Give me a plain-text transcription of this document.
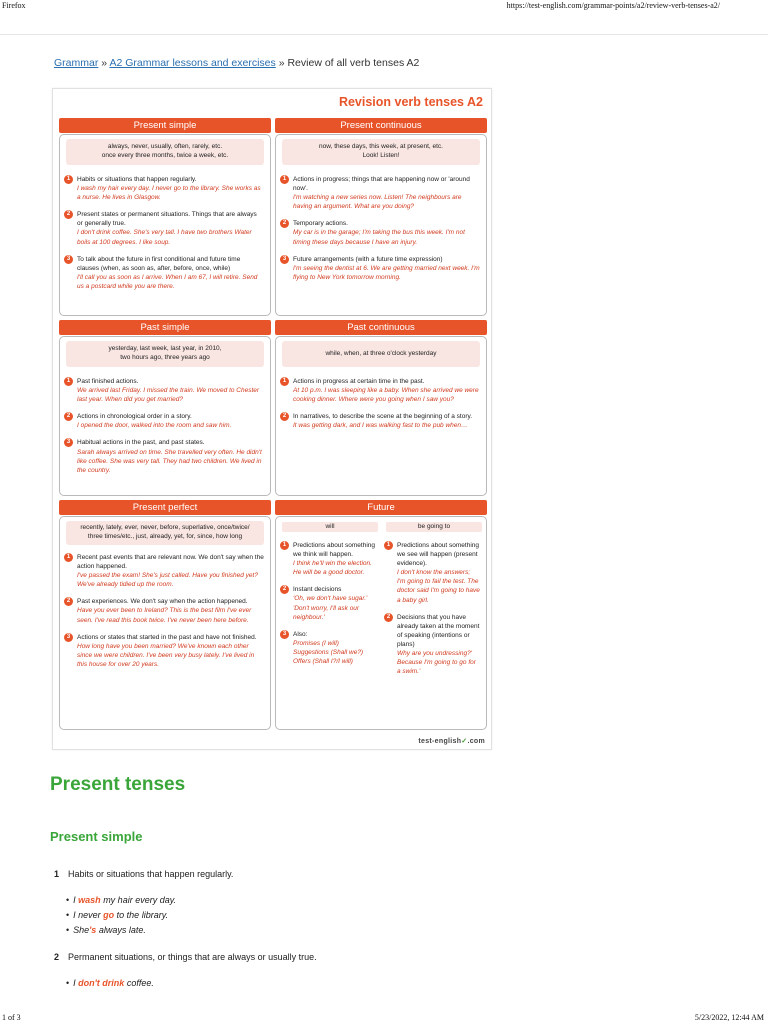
Firefox	https://test-english.com/grammar-points/a2/review-verb-tenses-a2/
Grammar » A2 Grammar lessons and exercises » Review of all verb tenses A2
Revision verb tenses A2
Present simple
always, never, usually, often, rarely, etc.
once every three months, twice a week, etc.
1	Habits or situations that happen regularly.
I wash my hair every day. I never go to the library. She works as a nurse. He lives in Glasgow.
2	Present states or permanent situations. Things that are always or generally true.
I don't drink coffee. She's very tall. I have two brothers Water boils at 100 degrees. I like soup.
3	To talk about the future in first conditional and future time clauses (when, as soon as, after, before, once, while)
I'll call you as soon as I arrive. When I am 67, I will retire. Send us a postcard while you are there.
Present continuous
now, these days, this week, at present, etc.
Look! Listen!
1	Actions in progress; things that are happening now or 'around now'.
I'm watching a new series now. Listen! The neighbours are having an argument. What are you doing?
2	Temporary actions.
My car is in the garage; I'm taking the bus this week. I'm not timing these days because I have an injury.
3	Future arrangements (with a future time expression)
I'm seeing the dentist at 6. We are getting married next week. I'm flying to New York tomorrow morning.
Past simple
yesterday, last week, last year, in 2010,
two hours ago, three years ago
1	Past finished actions.
We arrived last Friday. I missed the train. We moved to Chester last year. When did you get married?
2	Actions in chronological order in a story.
I opened the door, walked into the room and saw him.
3	Habitual actions in the past, and past states.
Sarah always arrived on time. She travelled very often. He didn't like coffee. She was very tall. They had two children. We lived in the country.
Past continuous
while, when, at three o'clock yesterday
1	Actions in progress at certain time in the past.
At 10 p.m. I was sleeping like a baby. When she arrived we were cooking dinner. Where were you going when I saw you?
2	In narratives, to describe the scene at the beginning of a story.
It was getting dark, and I was walking fast to the pub when…
Present perfect
recently, lately, ever, never, before, superlative, once/twice/
three times/etc., just, already, yet, for, since, how long
1	Recent past events that are relevant now. We don't say when the action happened.
I've passed the exam! She's just called. Have you finished yet? We've already tidied up the room.
2	Past experiences. We don't say when the action happened.
Have you ever been to Ireland? This is the best film I've ever seen. I've read this book twice. I've never been here before.
3	Actions or states that started in the past and have not finished.
How long have you been married? We've known each other since we were children. I've been very busy lately. I've lived in this house for over 20 years.
Future
will	be going to
1	Predictions about something we think will happen.
I think he'll win the election. He will be a good doctor.
2	Instant decisions
'Oh, we don't have sugar.' 'Don't worry, I'll ask our neighbour.'
3	Also:
Promises (I will)
Suggestions (Shall we?)
Offers (Shall I?/I will)
1	Predictions about something we see will happen (present evidence).
I don't know the answers; I'm going to fail the test. The doctor said I'm going to have a baby girl.
2	Decisions that you have already taken at the moment of speaking (intentions or plans)
Why are you undressing?' Because I'm going to go for a swim.'
test-english✓.com
Present tenses
Present simple
1 Habits or situations that happen regularly.
• I wash my hair every day.
• I never go to the library.
• She's always late.
2 Permanent situations, or things that are always or usually true.
• I don't drink coffee.
1 of 3	5/23/2022, 12:44 AM
